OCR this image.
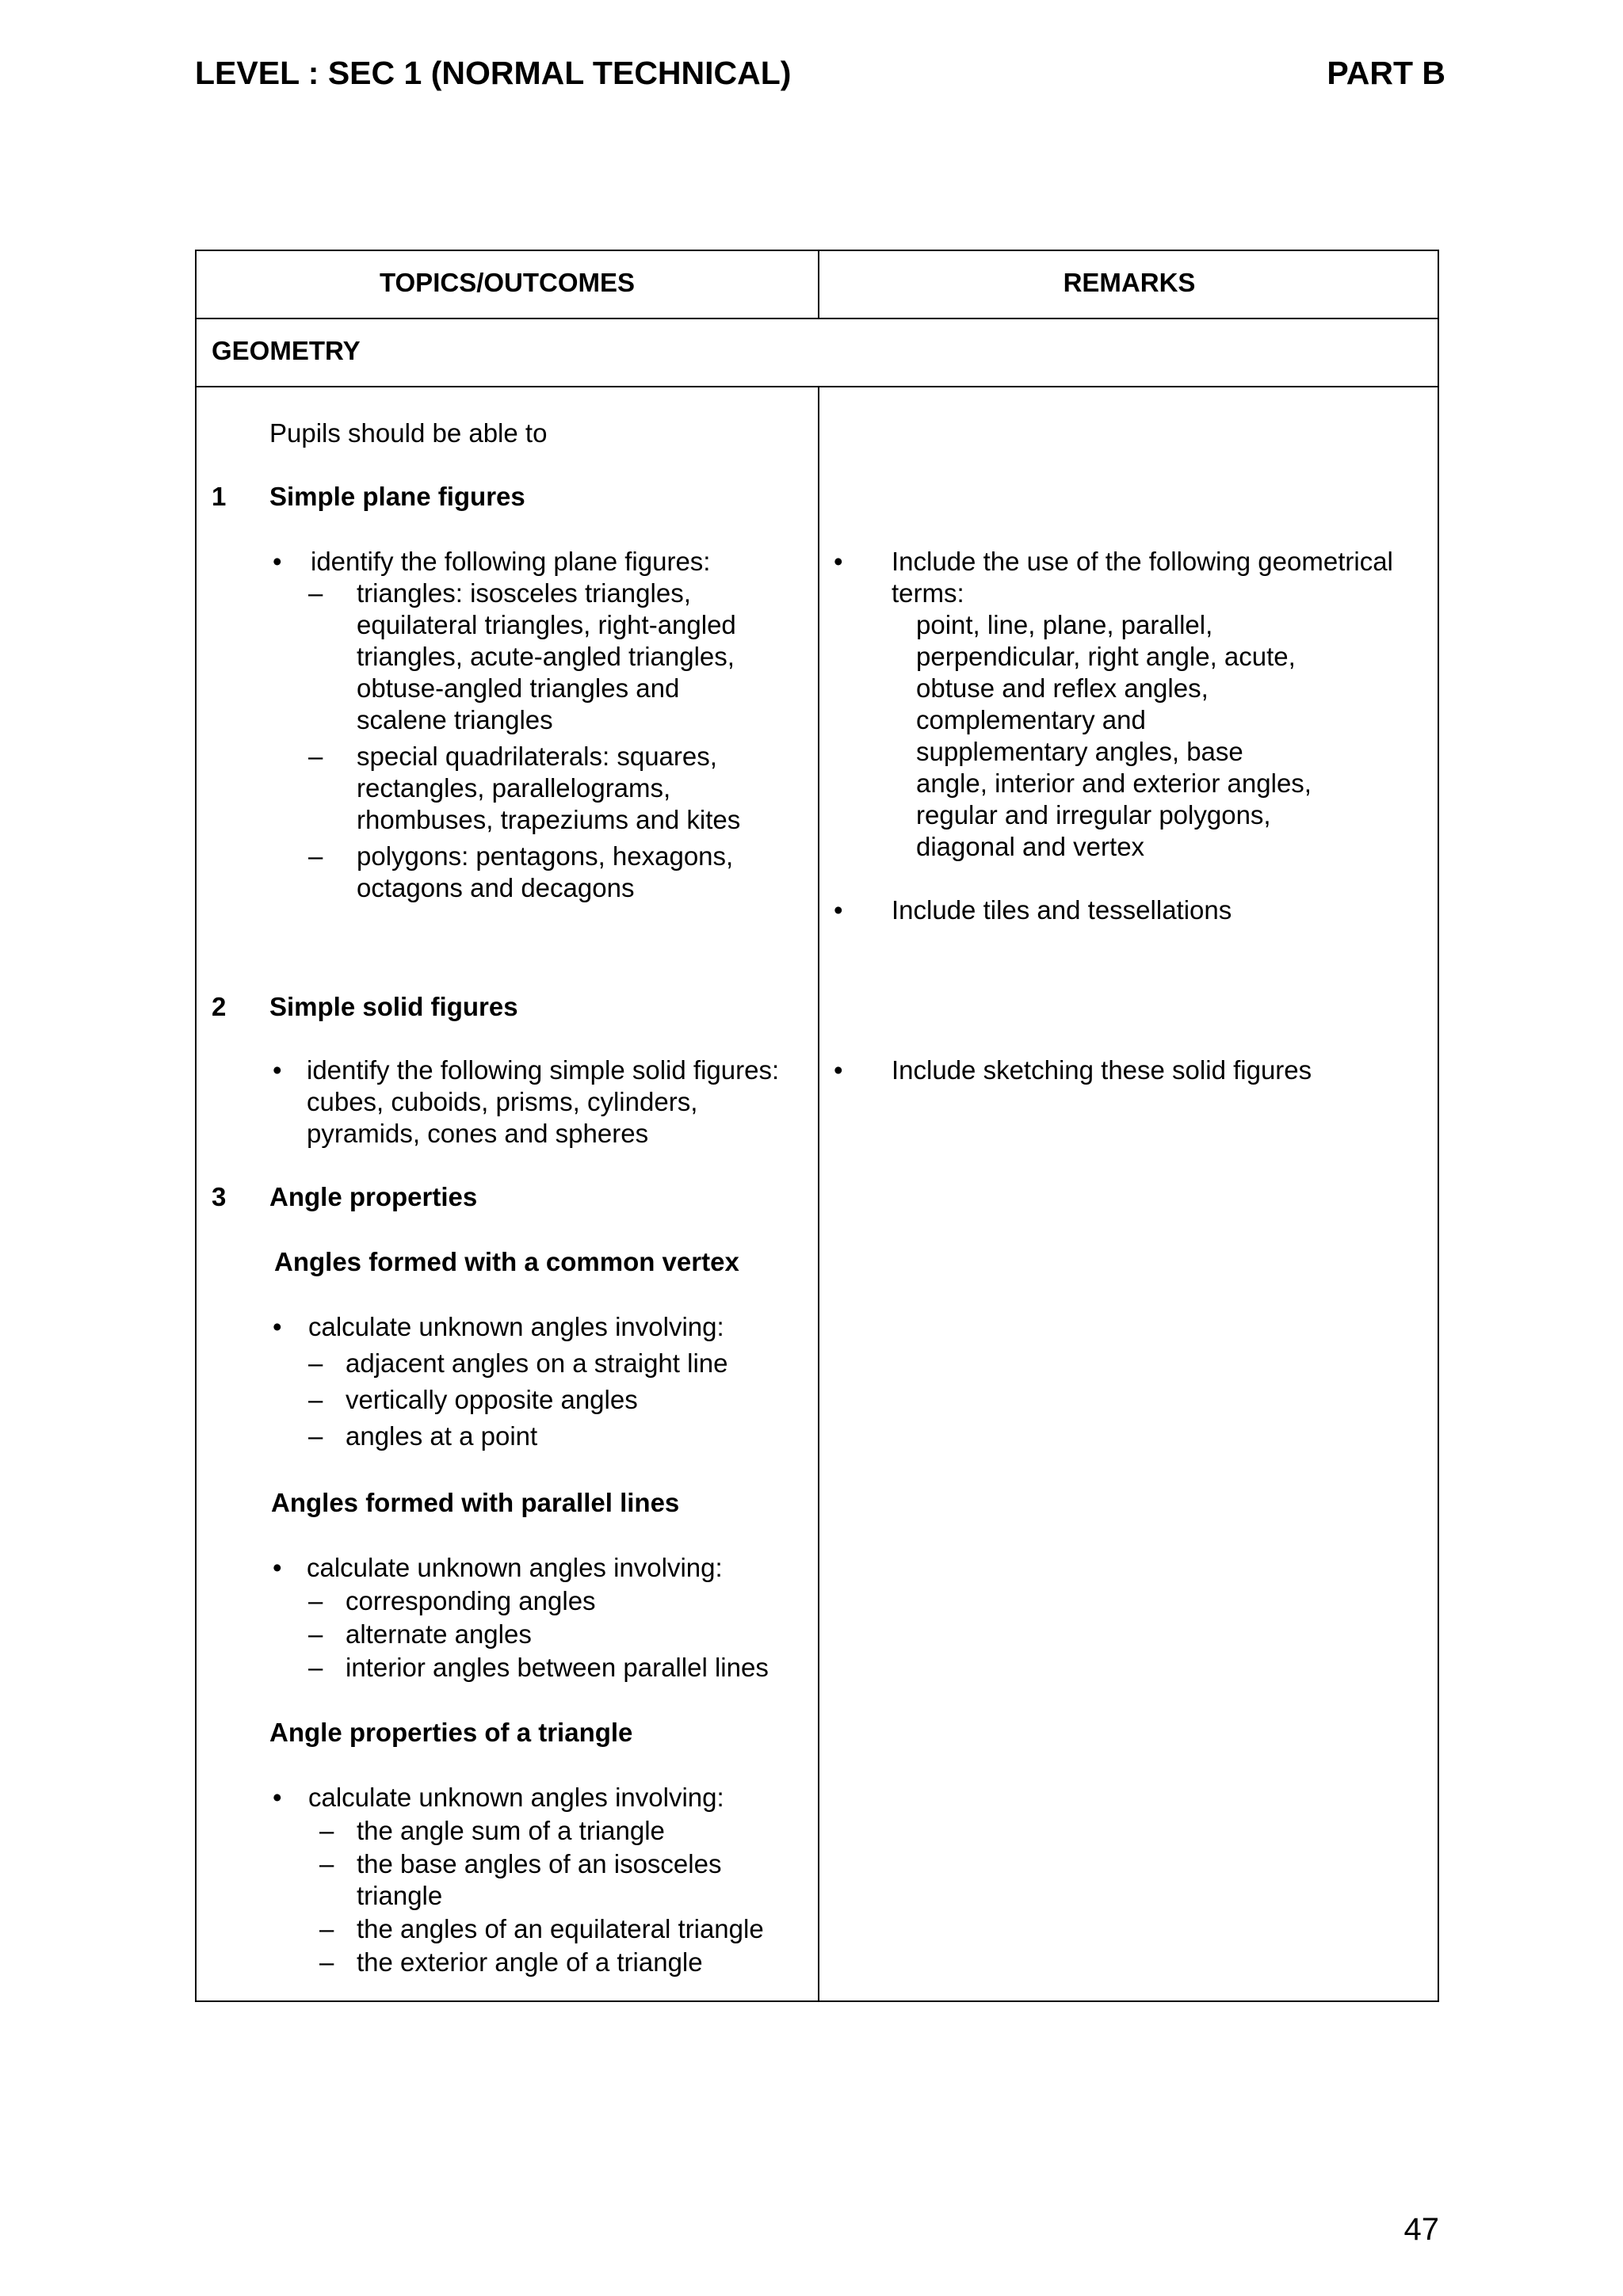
LEVEL : SEC 1 (NORMAL TECHNICAL)	PART B
TOPICS/OUTCOMES	REMARKS
GEOMETRY
Pupils should be able to
1 Simple plane figures
• identify the following plane figures:
– triangles: isosceles triangles,
equilateral triangles, right-angled
triangles, acute-angled triangles,
obtuse-angled triangles and
scalene triangles
– special quadrilaterals: squares,
rectangles, parallelograms,
rhombuses, trapeziums and kites
– polygons: pentagons, hexagons,
octagons and decagons
• Include the use of the following geometrical
terms:
point, line, plane, parallel,
perpendicular, right angle, acute,
obtuse and reflex angles,
complementary and
supplementary angles, base
angle, interior and exterior angles,
regular and irregular polygons,
diagonal and vertex
• Include tiles and tessellations
2 Simple solid figures
• identify the following simple solid figures:
cubes, cuboids, prisms, cylinders,
pyramids, cones and spheres
• Include sketching these solid figures
3 Angle properties
Angles formed with a common vertex
• calculate unknown angles involving:
– adjacent angles on a straight line
– vertically opposite angles
– angles at a point
Angles formed with parallel lines
• calculate unknown angles involving:
– corresponding angles
– alternate angles
– interior angles between parallel lines
Angle properties of a triangle
• calculate unknown angles involving:
– the angle sum of a triangle
– the base angles of an isosceles
triangle
– the angles of an equilateral triangle
– the exterior angle of a triangle
47
